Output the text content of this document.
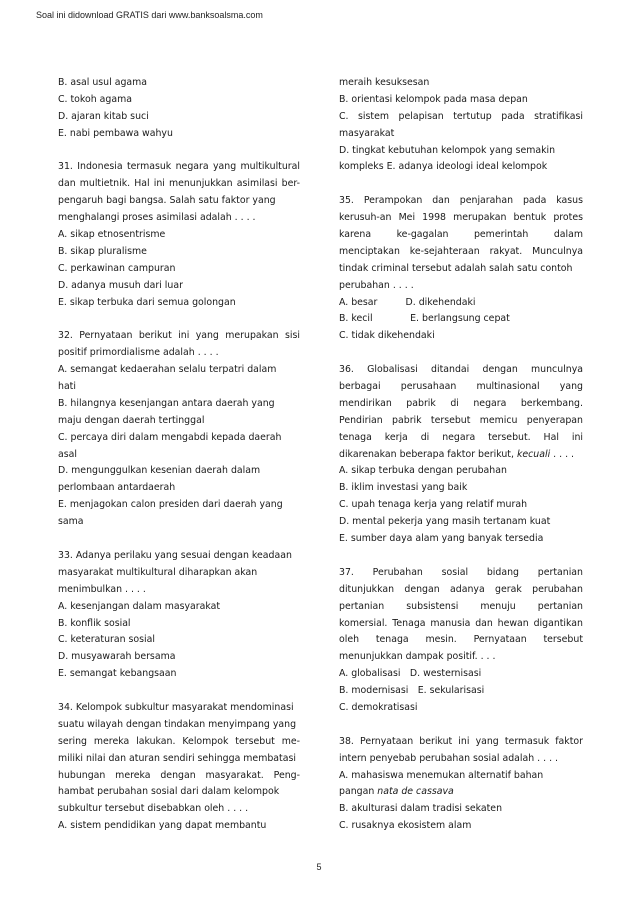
Soal ini didownload GRATIS dari www.banksoalsma.com
B. asal usul agama
C. tokoh agama
D. ajaran kitab suci
E. nabi pembawa wahyu
31. Indonesia termasuk negara yang multikultural
dan multietnik. Hal ini menunjukkan asimilasi ber-
pengaruh bagi bangsa. Salah satu faktor yang
menghalangi proses asimilasi adalah . . . .
A. sikap etnosentrisme
B. sikap pluralisme
C. perkawinan campuran
D. adanya musuh dari luar
E. sikap terbuka dari semua golongan
32. Pernyataan berikut ini yang merupakan sisi
positif primordialisme adalah . . . .
A. semangat kedaerahan selalu terpatri dalam
hati
B. hilangnya kesenjangan antara daerah yang
maju dengan daerah tertinggal
C. percaya diri dalam mengabdi kepada daerah
asal
D. mengunggulkan kesenian daerah dalam
perlombaan antardaerah
E. menjagokan calon presiden dari daerah yang
sama
33. Adanya perilaku yang sesuai dengan keadaan
masyarakat multikultural diharapkan akan
menimbulkan . . . .
A. kesenjangan dalam masyarakat
B. konflik sosial
C. keteraturan sosial
D. musyawarah bersama
E. semangat kebangsaan
34. Kelompok subkultur masyarakat mendominasi
suatu wilayah dengan tindakan menyimpang yang
sering mereka lakukan. Kelompok tersebut me-
miliki nilai dan aturan sendiri sehingga membatasi
hubungan mereka dengan masyarakat. Peng-
hambat perubahan sosial dari dalam kelompok
subkultur tersebut disebabkan oleh . . . .
A. sistem pendidikan yang dapat membantu
meraih kesuksesan
B. orientasi kelompok pada masa depan
C. sistem pelapisan tertutup pada stratifikasi
masyarakat
D. tingkat kebutuhan kelompok yang semakin
kompleks E. adanya ideologi ideal kelompok
35. Perampokan dan penjarahan pada kasus
kerusuh-an Mei 1998 merupakan bentuk protes
karena ke-gagalan pemerintah dalam
menciptakan ke-sejahteraan rakyat. Munculnya
tindak criminal tersebut adalah salah satu contoh
perubahan . . . .
A. besar   D. dikehendaki
B. kecil    E. berlangsung cepat
C. tidak dikehendaki
36. Globalisasi ditandai dengan munculnya
berbagai perusahaan multinasional yang
mendirikan pabrik di negara berkembang.
Pendirian pabrik tersebut memicu penyerapan
tenaga kerja di negara tersebut. Hal ini
dikarenakan beberapa faktor berikut, kecuali . . . .
A. sikap terbuka dengan perubahan
B. iklim investasi yang baik
C. upah tenaga kerja yang relatif murah
D. mental pekerja yang masih tertanam kuat
E. sumber daya alam yang banyak tersedia
37. Perubahan sosial bidang pertanian
ditunjukkan dengan adanya gerak perubahan
pertanian subsistensi menuju pertanian
komersial. Tenaga manusia dan hewan digantikan
oleh tenaga mesin. Pernyataan tersebut
menunjukkan dampak positif. . . .
A. globalisasi D. westernisasi
B. modernisasi E. sekularisasi
C. demokratisasi
38. Pernyataan berikut ini yang termasuk faktor
intern penyebab perubahan sosial adalah . . . .
A. mahasiswa menemukan alternatif bahan
pangan nata de cassava
B. akulturasi dalam tradisi sekaten
C. rusaknya ekosistem alam
5
